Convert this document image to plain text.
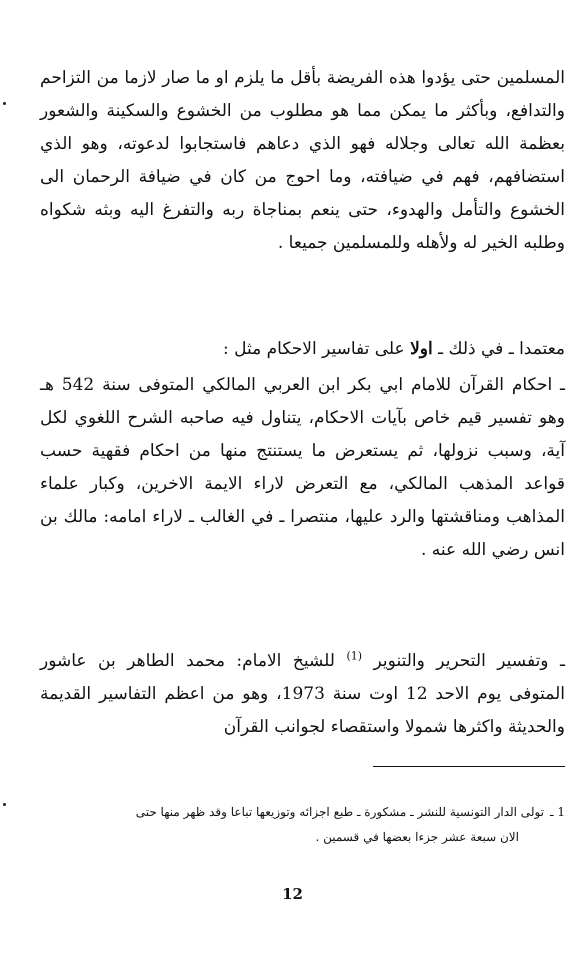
المسلمين حتى يؤدوا هذه الفريضة بأقل ما يلزم او ما صار لازما من التزاحم والتدافع، وبأكثر ما يمكن مما هو مطلوب من الخشوع والسكينة والشعور بعظمة الله تعالى وجلاله فهو الذي دعاهم فاستجابوا لدعوته، وهو الذي استضافهم، فهم في ضيافته، وما احوج من كان في ضيافة الرحمان الى الخشوع والتأمل والهدوء، حتى ينعم بمناجاة ربه والتفرغ اليه وبثه شكواه وطلبه الخير له ولأهله وللمسلمين جميعا .

معتمدا ـ في ذلك ـ اولا على تفاسير الاحكام مثل :

ـ احكام القرآن للامام ابي بكر ابن العربي المالكي المتوفى سنة 542 هـ وهو تفسير قيم خاص بآيات الاحكام، يتناول فيه صاحبه الشرح اللغوي لكل آية، وسبب نزولها، ثم يستعرض ما يستنتج منها من احكام فقهية حسب قواعد المذهب المالكي، مع التعرض لاراء الايمة الاخرين، وكبار علماء المذاهب ومناقشتها والرد عليها، منتصرا ـ في الغالب ـ لاراء امامه: مالك بن انس رضي الله عنه .

ـ وتفسير التحرير والتنوير $^{(1)}$ للشيخ الامام: محمد الطاهر بن عاشور المتوفى يوم الاحد 12 اوت سنة 1973، وهو من اعظم التفاسير القديمة والحديثة واكثرها شمولا واستقصاء لجوانب القرآن

1 ـتولى الدار التونسية للنشر ـ مشكورة ـ طبع اجزائه وتوزيعها تباعا وقد ظهر منها حتى
الان سبعة عشر جزءا بعضها في قسمين .

12
